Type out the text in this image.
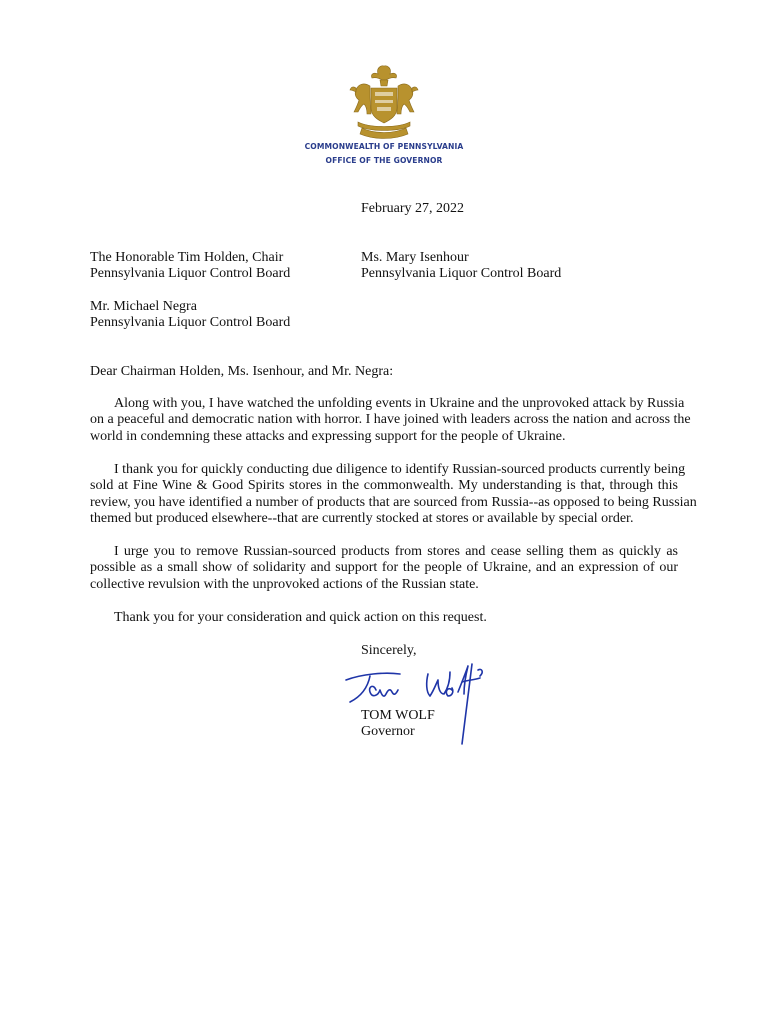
COMMONWEALTH OF PENNSYLVANIA
OFFICE OF THE GOVERNOR
February 27, 2022
The Honorable Tim Holden, Chair
Pennsylvania Liquor Control Board
Ms. Mary Isenhour
Pennsylvania Liquor Control Board
Mr. Michael Negra
Pennsylvania Liquor Control Board
Dear Chairman Holden, Ms. Isenhour, and Mr. Negra:
Along with you, I have watched the unfolding events in Ukraine and the unprovoked attack by Russia
on a peaceful and democratic nation with horror. I have joined with leaders across the nation and across the
world in condemning these attacks and expressing support for the people of Ukraine.
I thank you for quickly conducting due diligence to identify Russian-sourced products currently being
sold at Fine Wine & Good Spirits stores in the commonwealth. My understanding is that, through this
review, you have identified a number of products that are sourced from Russia--as opposed to being Russian
themed but produced elsewhere--that are currently stocked at stores or available by special order.
I urge you to remove Russian-sourced products from stores and cease selling them as quickly as
possible as a small show of solidarity and support for the people of Ukraine, and an expression of our
collective revulsion with the unprovoked actions of the Russian state.
Thank you for your consideration and quick action on this request.
Sincerely,
TOM WOLF
Governor
